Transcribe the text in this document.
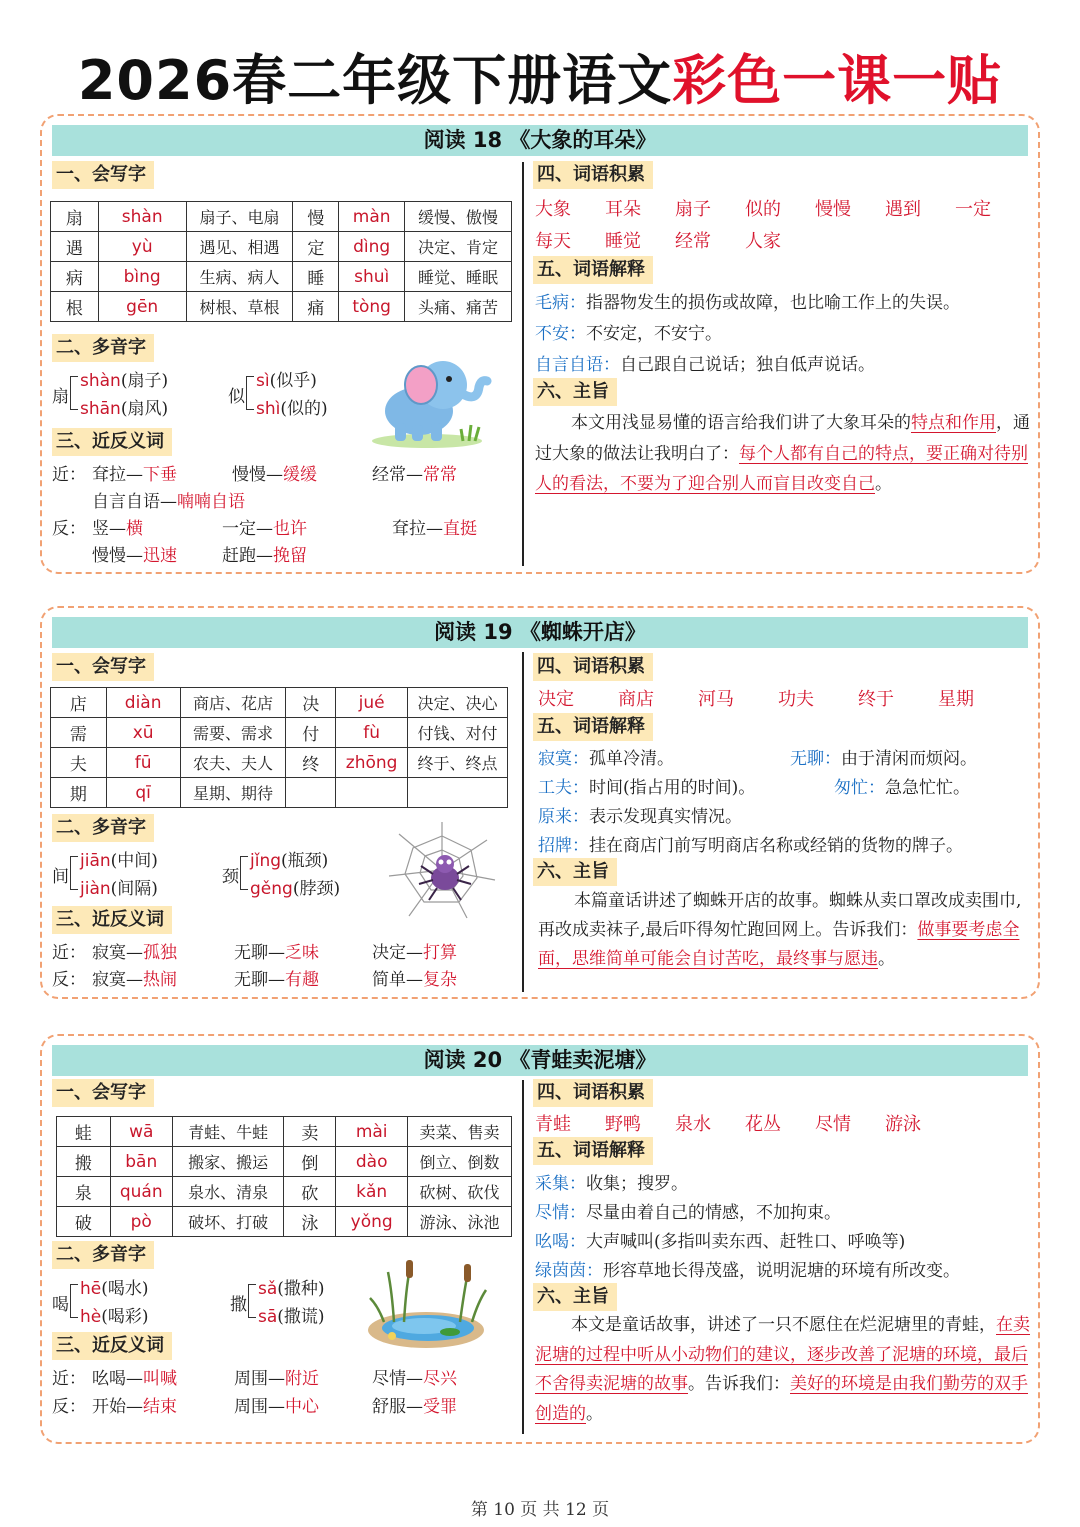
2026春二年级下册语文彩色一课一贴
阅读 18 《大象的耳朵》
一、会写字
扇	shàn	扇子、电扇	慢	màn	缓慢、傲慢
遇	yù	遇见、相遇	定	dìng	决定、肯定
病	bìng	生病、病人	睡	shuì	睡觉、睡眠
根	gēn	树根、草根	痛	tòng	头痛、痛苦
二、多音字
扇
shàn(扇子)
shān(扇风)
似
sì(似乎)
shì(似的)
三、近反义词
近： 耷拉—下垂	慢慢—缓缓	经常—常常
自言自语—喃喃自语
反： 竖—横	一定—也许	耷拉—直挺
慢慢—迅速	赶跑—挽留
四、词语积累
大象 耳朵 扇子 似的 慢慢 遇到 一定
每天 睡觉 经常 人家
五、词语解释
毛病：指器物发生的损伤或故障，也比喻工作上的失误。
不安：不安定，不安宁。
自言自语：自己跟自己说话；独自低声说话。
六、主旨
本文用浅显易懂的语言给我们讲了大象耳朵的特点和作用，通过大象的做法让我明白了：每个人都有自己的特点，要正确对待别人的看法，不要为了迎合别人而盲目改变自己。
阅读 19 《蜘蛛开店》
一、会写字
店	diàn	商店、花店	决	jué	决定、决心
需	xū	需要、需求	付	fù	付钱、对付
夫	fū	农夫、夫人	终	zhōng	终于、终点
期	qī	星期、期待			
二、多音字
间
jiān(中间)
jiàn(间隔)
颈
jǐng(瓶颈)
gěng(脖颈)
三、近反义词
近： 寂寞—孤独	无聊—乏味	决定—打算
反： 寂寞—热闹	无聊—有趣	简单—复杂
四、词语积累
决定 商店 河马 功夫 终于 星期
五、词语解释
寂寞：孤单冷清。	无聊：由于清闲而烦闷。
工夫：时间(指占用的时间)。	匆忙：急急忙忙。
原来：表示发现真实情况。
招牌：挂在商店门前写明商店名称或经销的货物的牌子。
六、主旨
本篇童话讲述了蜘蛛开店的故事。蜘蛛从卖口罩改成卖围巾,再改成卖袜子,最后吓得匆忙跑回网上。告诉我们：做事要考虑全面，思维简单可能会自讨苦吃，最终事与愿违。
阅读 20 《青蛙卖泥塘》
一、会写字
蛙	wā	青蛙、牛蛙	卖	mài	卖菜、售卖
搬	bān	搬家、搬运	倒	dào	倒立、倒数
泉	quán	泉水、清泉	砍	kǎn	砍树、砍伐
破	pò	破坏、打破	泳	yǒng	游泳、泳池
二、多音字
喝
hē(喝水)
hè(喝彩)
撒
sǎ(撒种)
sā(撒谎)
三、近反义词
近： 吆喝—叫喊	周围—附近	尽情—尽兴
反： 开始—结束	周围—中心	舒服—受罪
四、词语积累
青蛙 野鸭 泉水 花丛 尽情 游泳
五、词语解释
采集：收集；搜罗。
尽情：尽量由着自己的情感，不加拘束。
吆喝：大声喊叫(多指叫卖东西、赶牲口、呼唤等)
绿茵茵：形容草地长得茂盛，说明泥塘的环境有所改变。
六、主旨
本文是童话故事，讲述了一只不愿住在烂泥塘里的青蛙，在卖泥塘的过程中听从小动物们的建议，逐步改善了泥塘的环境，最后不舍得卖泥塘的故事。告诉我们：美好的环境是由我们勤劳的双手创造的。
第 10 页 共 12 页
